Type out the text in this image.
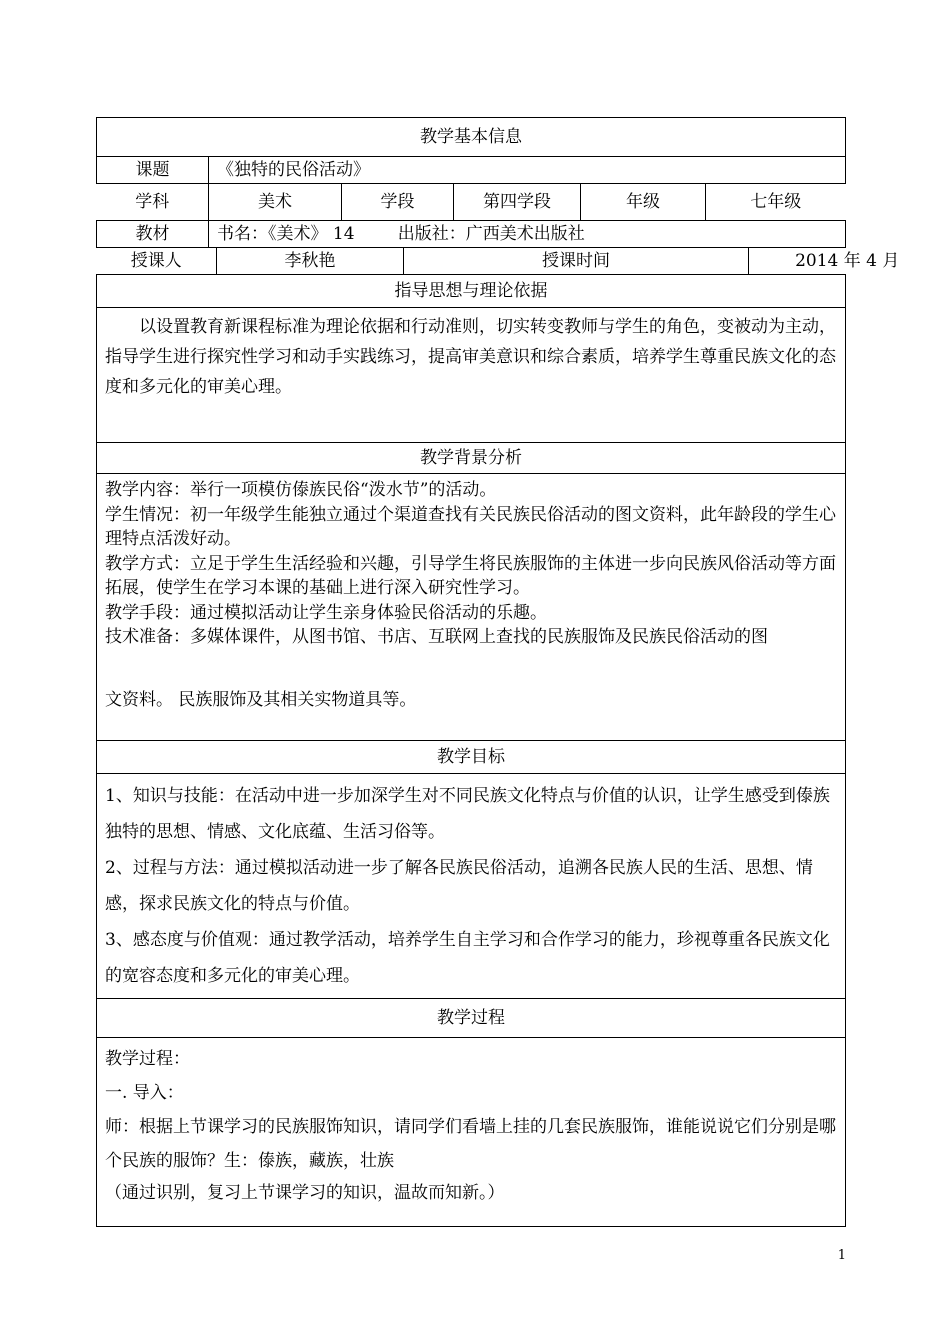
教学基本信息
课题	《独特的民俗活动》

学科	美术	学段	第四学段	年级	七年级

教材	书名：《美术》 14        出版社：广西美术出版社

授课人	李秋艳	授课时间	2014 年 4 月

指导思想与理论依据

以设置教育新课程标准为理论依据和行动准则，切实转变教师与学生的角色，变被动为主动，指导学生进行探究性学习和动手实践练习，提高审美意识和综合素质，培养学生尊重民族文化的态度和多元化的审美心理。

教学背景分析

教学内容：举行一项模仿傣族民俗“泼水节”的活动。

学生情况：初一年级学生能独立通过个渠道查找有关民族民俗活动的图文资料，此年龄段的学生心理特点活泼好动。

教学方式：立足于学生生活经验和兴趣，引导学生将民族服饰的主体进一步向民族风俗活动等方面拓展，使学生在学习本课的基础上进行深入研究性学习。

教学手段：通过模拟活动让学生亲身体验民俗活动的乐趣。

技术准备：多媒体课件，从图书馆、书店、互联网上查找的民族服饰及民族民俗活动的图

文资料。 民族服饰及其相关实物道具等。

教学目标

1、知识与技能：在活动中进一步加深学生对不同民族文化特点与价值的认识，让学生感受到傣族独特的思想、情感、文化底蕴、生活习俗等。

2、过程与方法：通过模拟活动进一步了解各民族民俗活动，追溯各民族人民的生活、思想、情感，探求民族文化的特点与价值。

3、感态度与价值观：通过教学活动，培养学生自主学习和合作学习的能力，珍视尊重各民族文化的宽容态度和多元化的审美心理。

教学过程

教学过程：

一. 导入：

师：根据上节课学习的民族服饰知识，请同学们看墙上挂的几套民族服饰，谁能说说它们分别是哪个民族的服饰？生：傣族，藏族，壮族

（通过识别，复习上节课学习的知识，温故而知新。）

1
